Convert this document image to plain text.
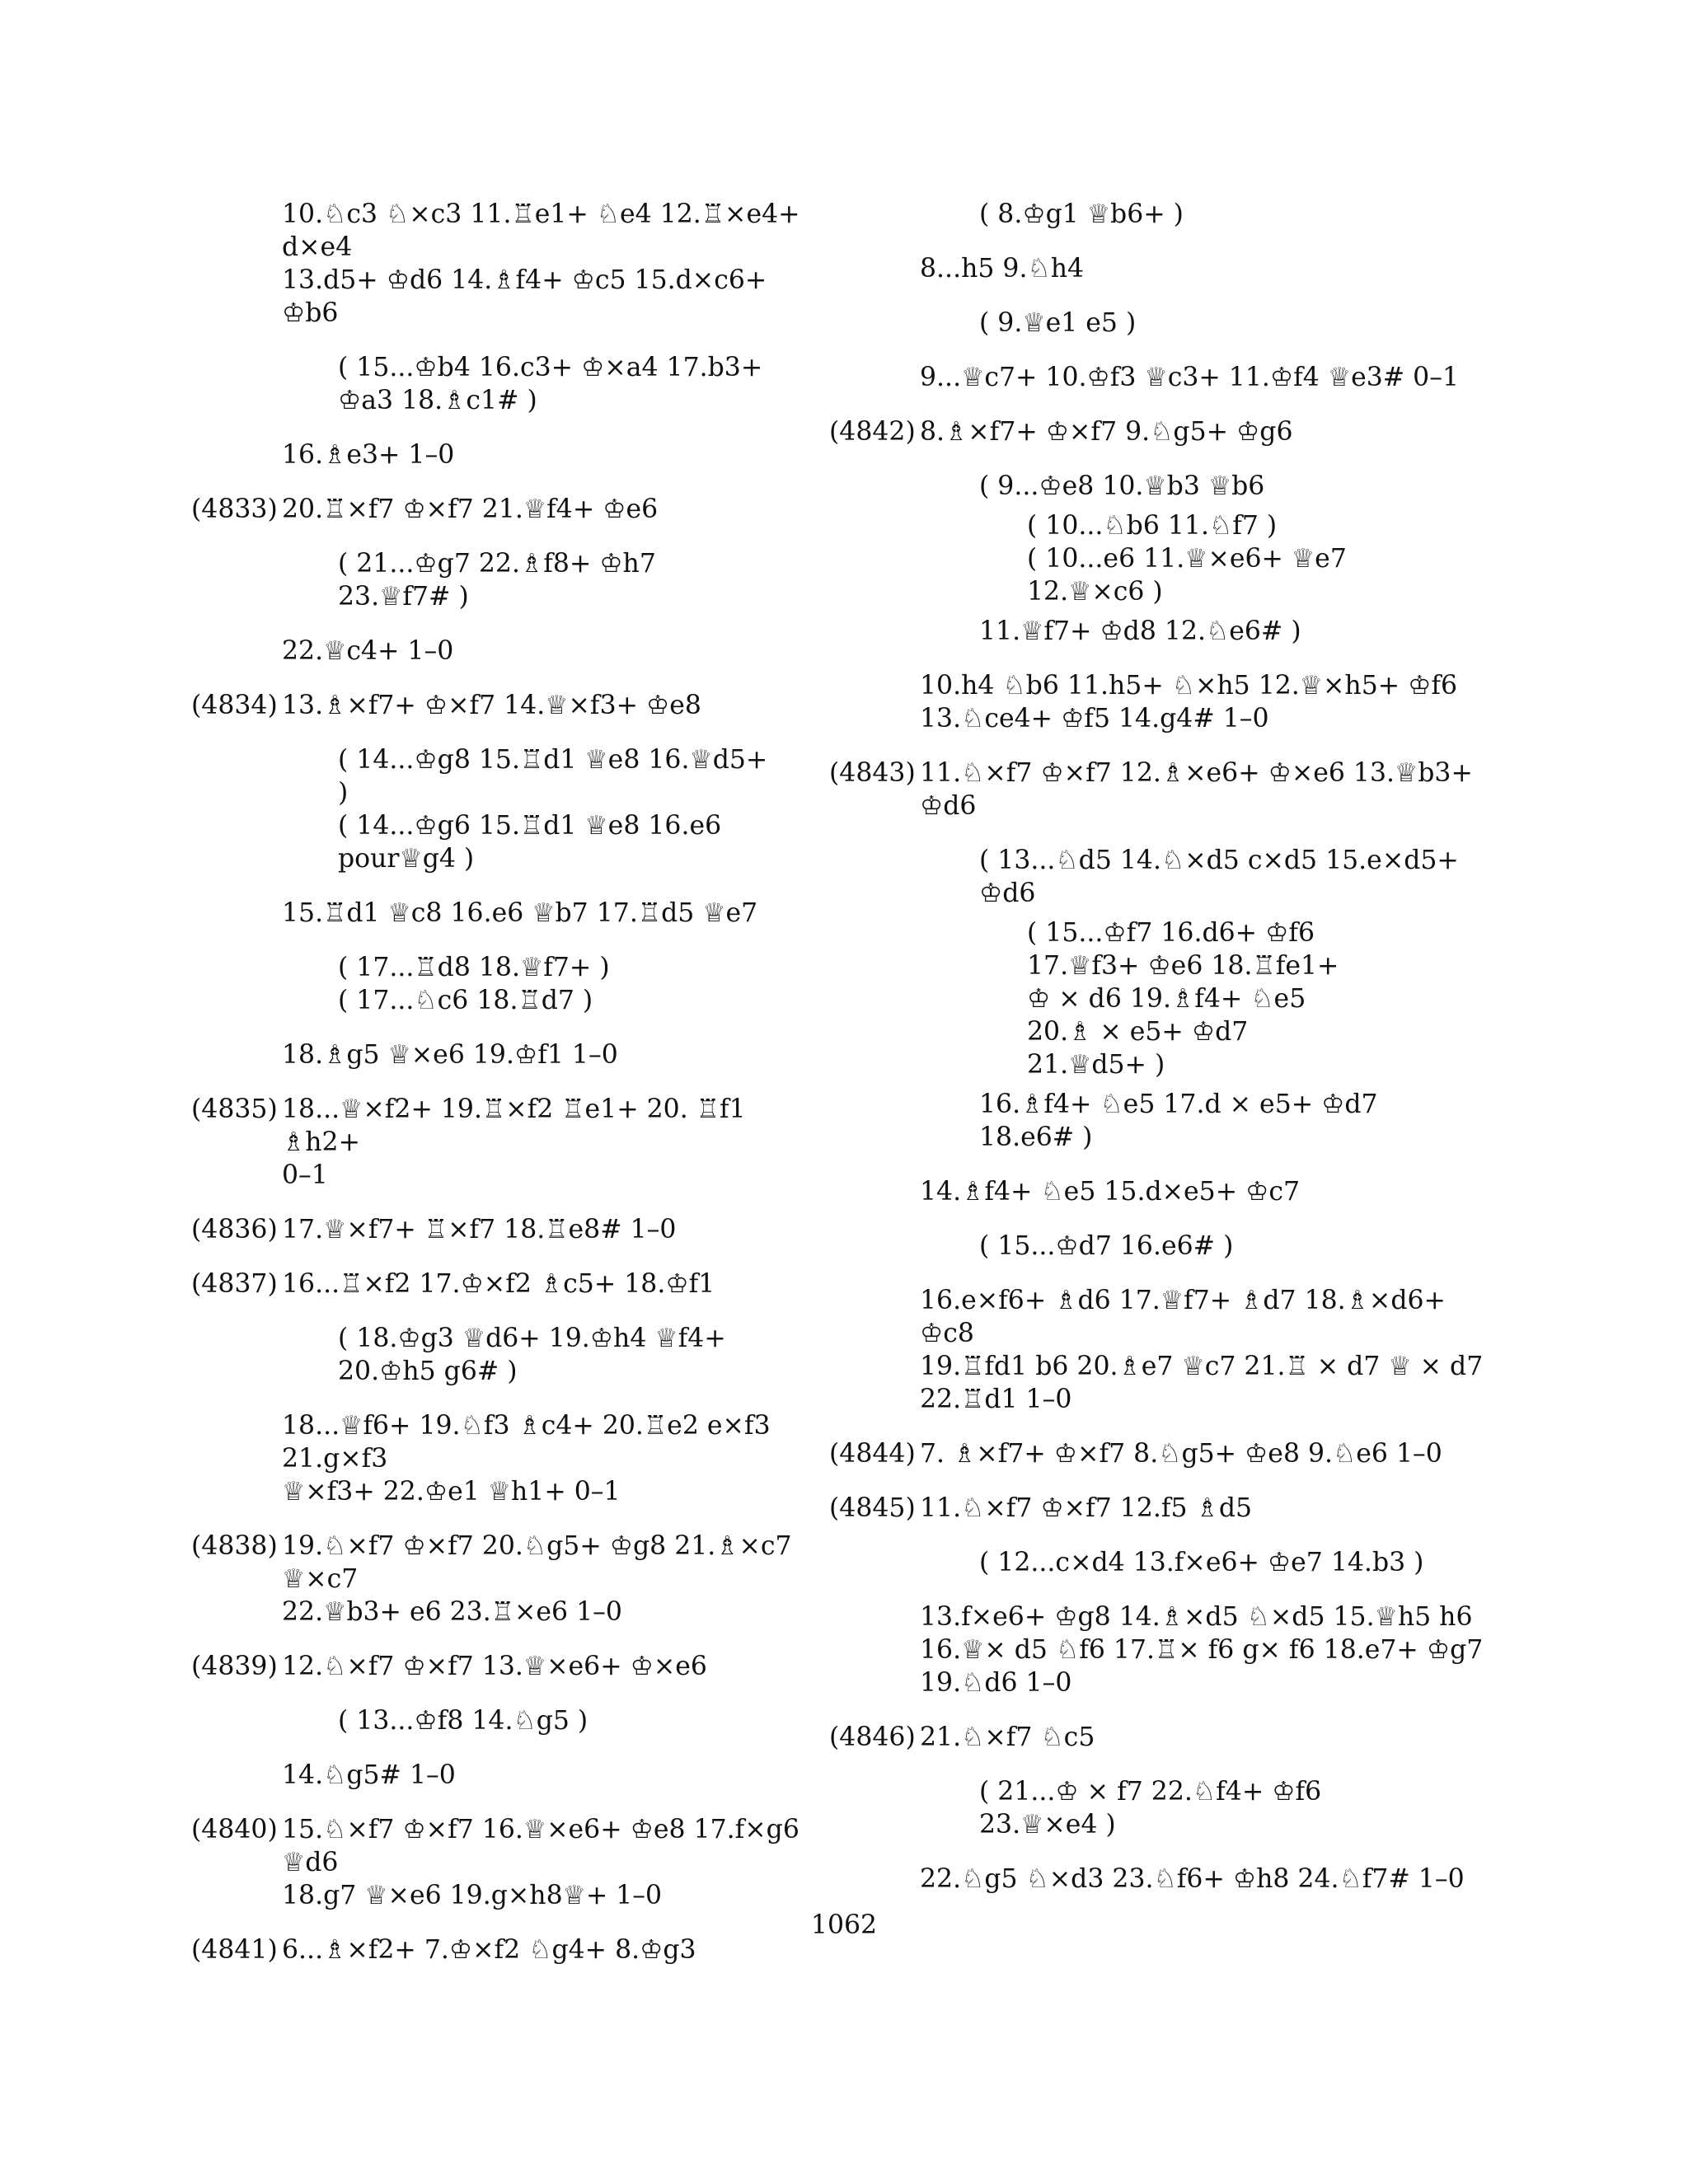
10.♘c3 ♘×c3 11.♖e1+ ♘e4 12.♖×e4+ d×e4
13.d5+ ♔d6 14.♗f4+ ♔c5 15.d×c6+ ♔b6
( 15...♔b4 16.c3+ ♔×a4 17.b3+
♔a3 18.♗c1# )
16.♗e3+ 1–0
(4833) 20.♖×f7 ♔×f7 21.♕f4+ ♔e6
( 21...♔g7 22.♗f8+ ♔h7
23.♕f7# )
22.♕c4+ 1–0
(4834) 13.♗×f7+ ♔×f7 14.♕×f3+ ♔e8
( 14...♔g8 15.♖d1 ♕e8 16.♕d5+
)
( 14...♔g6 15.♖d1 ♕e8 16.e6
pour♕g4 )
15.♖d1 ♕c8 16.e6 ♕b7 17.♖d5 ♕e7
( 17...♖d8 18.♕f7+ )
( 17...♘c6 18.♖d7 )
18.♗g5 ♕×e6 19.♔f1 1–0
(4835) 18...♕×f2+ 19.♖×f2 ♖e1+ 20. ♖f1 ♗h2+
0–1
(4836) 17.♕×f7+ ♖×f7 18.♖e8# 1–0
(4837) 16...♖×f2 17.♔×f2 ♗c5+ 18.♔f1
( 18.♔g3 ♕d6+ 19.♔h4 ♕f4+
20.♔h5 g6# )
18...♕f6+ 19.♘f3 ♗c4+ 20.♖e2 e×f3 21.g×f3
♕×f3+ 22.♔e1 ♕h1+ 0–1
(4838) 19.♘×f7 ♔×f7 20.♘g5+ ♔g8 21.♗×c7 ♕×c7
22.♕b3+ e6 23.♖×e6 1–0
(4839) 12.♘×f7 ♔×f7 13.♕×e6+ ♔×e6
( 13...♔f8 14.♘g5 )
14.♘g5# 1–0
(4840) 15.♘×f7 ♔×f7 16.♕×e6+ ♔e8 17.f×g6 ♕d6
18.g7 ♕×e6 19.g×h8♕+ 1–0
(4841) 6...♗×f2+ 7.♔×f2 ♘g4+ 8.♔g3
( 8.♔g1 ♕b6+ )
8...h5 9.♘h4
( 9.♕e1 e5 )
9...♕c7+ 10.♔f3 ♕c3+ 11.♔f4 ♕e3# 0–1
(4842) 8.♗×f7+ ♔×f7 9.♘g5+ ♔g6
( 9...♔e8 10.♕b3 ♕b6
( 10...♘b6 11.♘f7 )
( 10...e6 11.♕×e6+ ♕e7
12.♕×c6 )
11.♕f7+ ♔d8 12.♘e6# )
10.h4 ♘b6 11.h5+ ♘×h5 12.♕×h5+ ♔f6
13.♘ce4+ ♔f5 14.g4# 1–0
(4843) 11.♘×f7 ♔×f7 12.♗×e6+ ♔×e6 13.♕b3+
♔d6
( 13...♘d5 14.♘×d5 c×d5 15.e×d5+
♔d6
( 15...♔f7 16.d6+ ♔f6
17.♕f3+ ♔e6 18.♖fe1+
♔ × d6 19.♗f4+ ♘e5
20.♗ × e5+ ♔d7
21.♕d5+ )
16.♗f4+ ♘e5 17.d × e5+ ♔d7
18.e6# )
14.♗f4+ ♘e5 15.d×e5+ ♔c7
( 15...♔d7 16.e6# )
16.e×f6+ ♗d6 17.♕f7+ ♗d7 18.♗×d6+ ♔c8
19.♖fd1 b6 20.♗e7 ♕c7 21.♖ × d7 ♕ × d7
22.♖d1 1–0
(4844) 7. ♗×f7+ ♔×f7 8.♘g5+ ♔e8 9.♘e6 1–0
(4845) 11.♘×f7 ♔×f7 12.f5 ♗d5
( 12...c×d4 13.f×e6+ ♔e7 14.b3 )
13.f×e6+ ♔g8 14.♗×d5 ♘×d5 15.♕h5 h6
16.♕× d5 ♘f6 17.♖× f6 g× f6 18.e7+ ♔g7
19.♘d6 1–0
(4846) 21.♘×f7 ♘c5
( 21...♔ × f7 22.♘f4+ ♔f6
23.♕×e4 )
22.♘g5 ♘×d3 23.♘f6+ ♔h8 24.♘f7# 1–0
1062
